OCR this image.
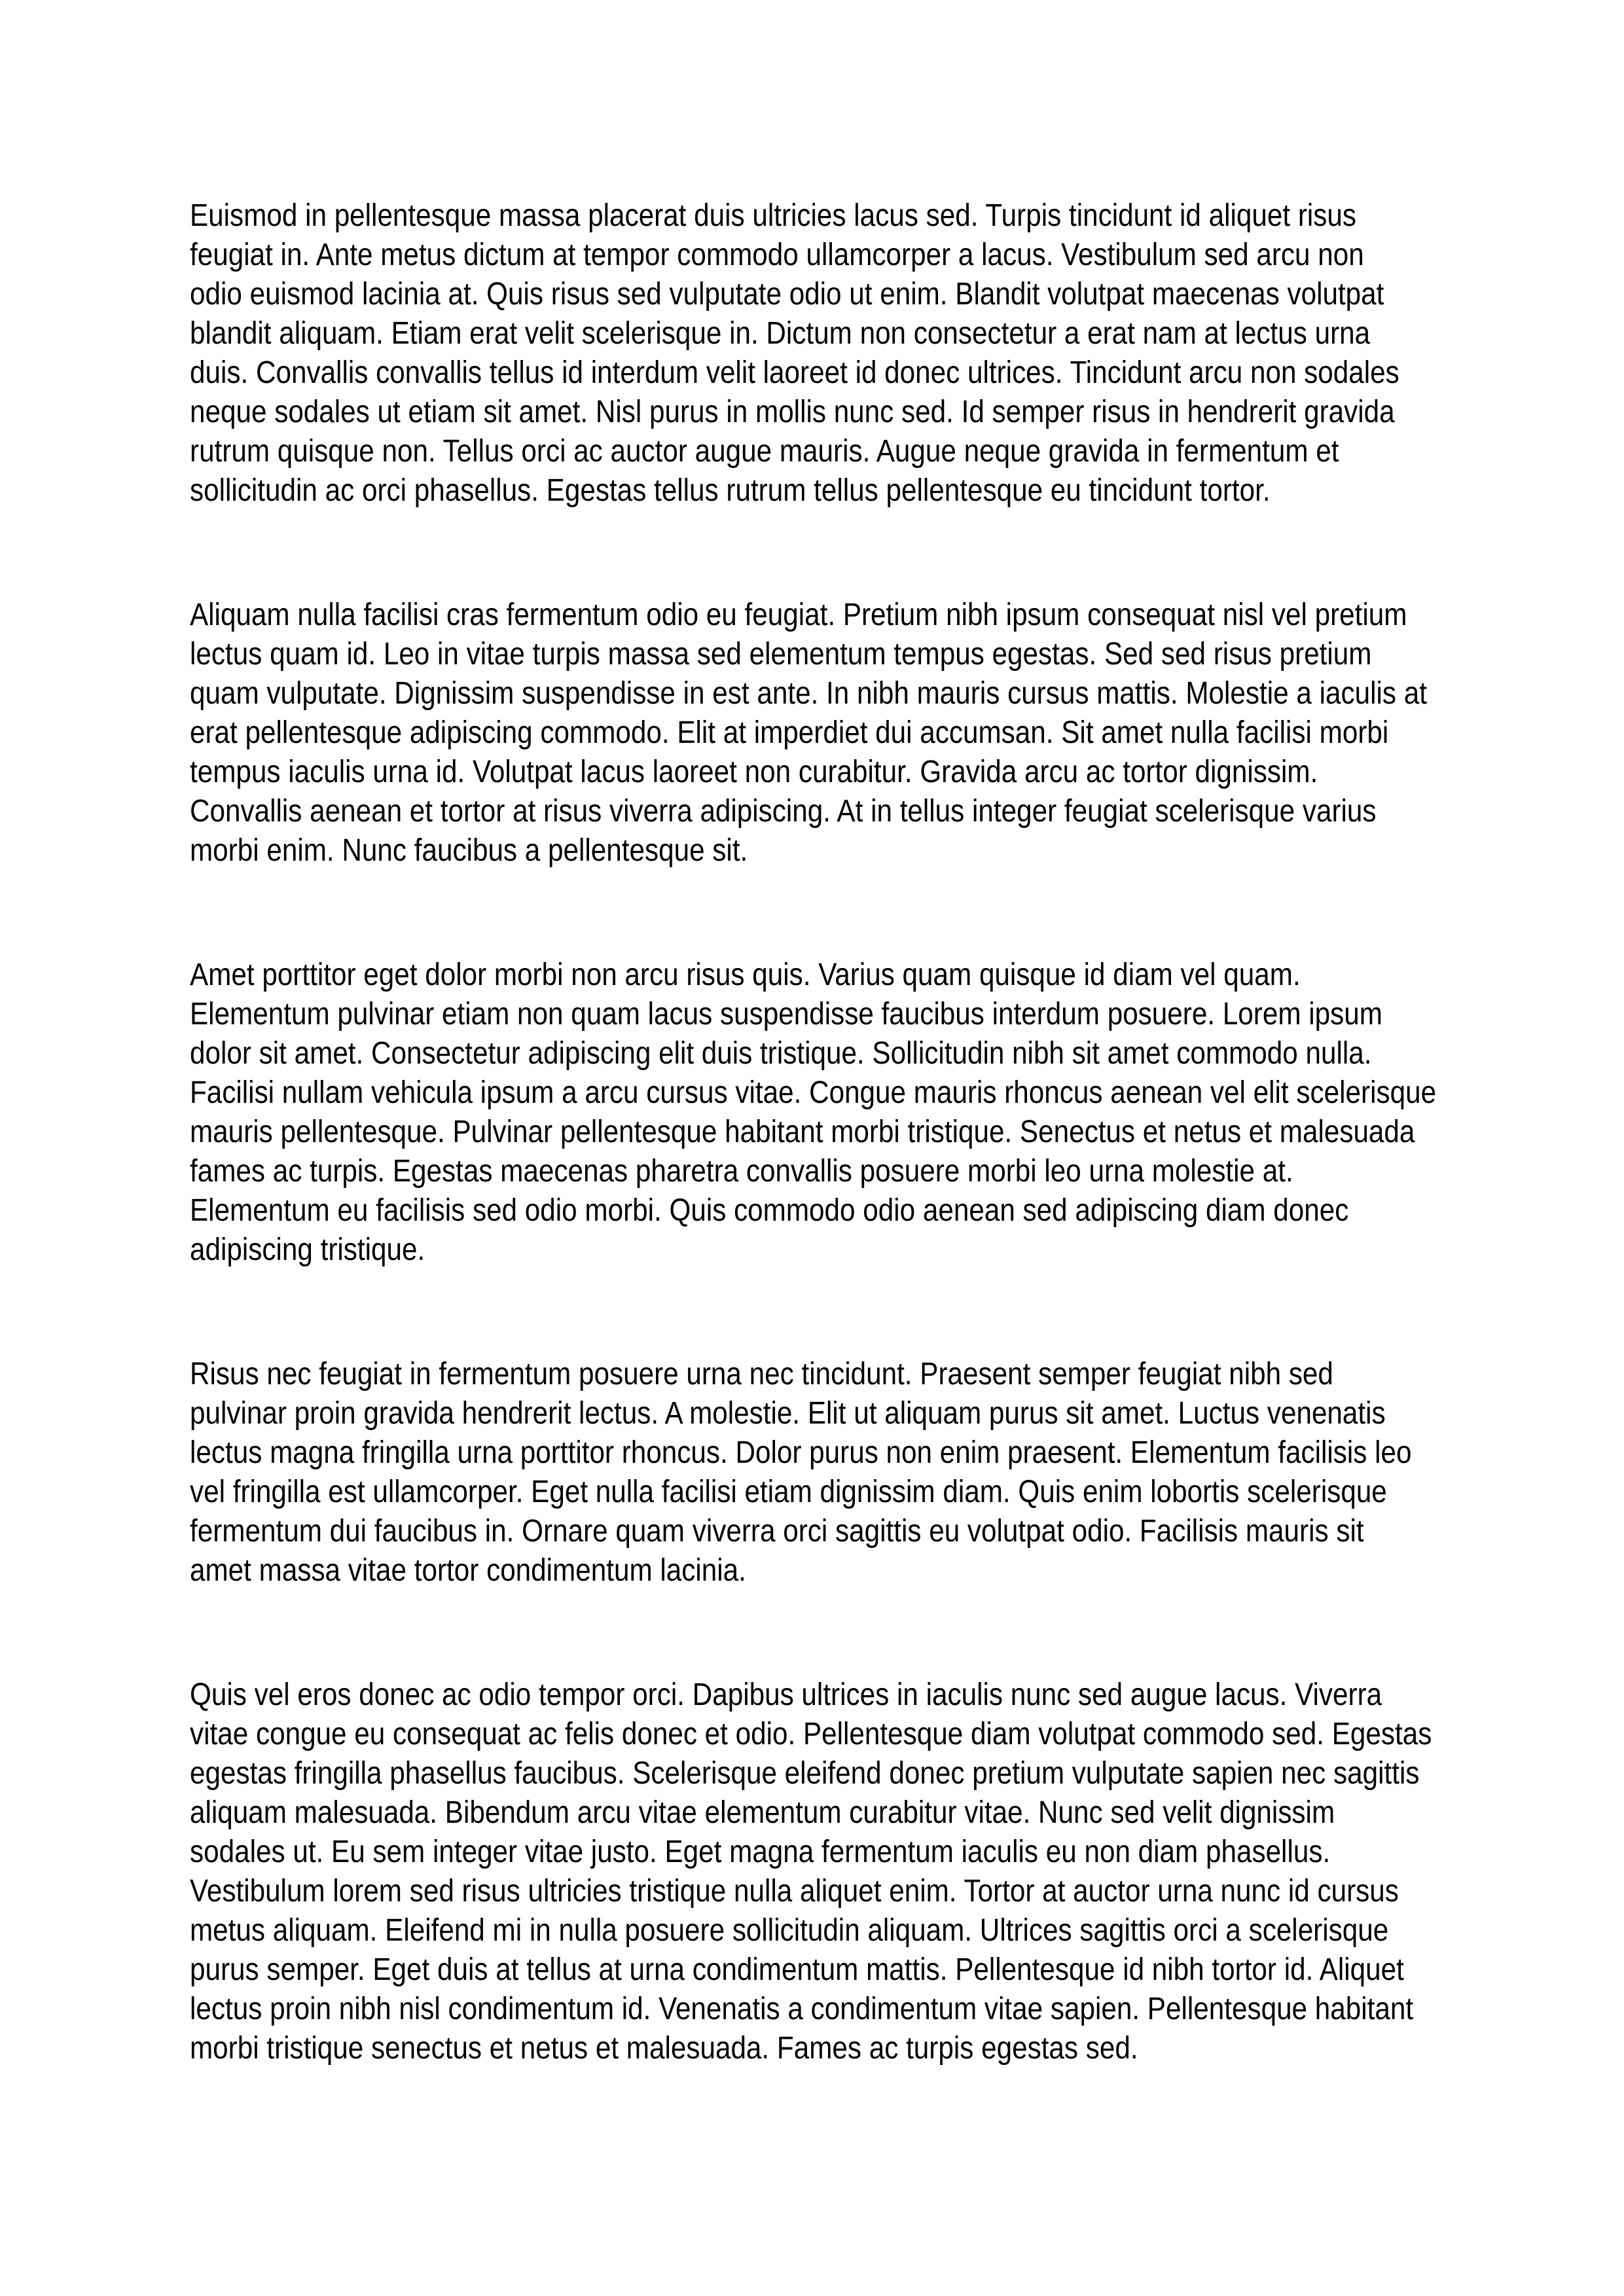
Euismod in pellentesque massa placerat duis ultricies lacus sed. Turpis tincidunt id aliquet risus
feugiat in. Ante metus dictum at tempor commodo ullamcorper a lacus. Vestibulum sed arcu non
odio euismod lacinia at. Quis risus sed vulputate odio ut enim. Blandit volutpat maecenas volutpat
blandit aliquam. Etiam erat velit scelerisque in. Dictum non consectetur a erat nam at lectus urna
duis. Convallis convallis tellus id interdum velit laoreet id donec ultrices. Tincidunt arcu non sodales
neque sodales ut etiam sit amet. Nisl purus in mollis nunc sed. Id semper risus in hendrerit gravida
rutrum quisque non. Tellus orci ac auctor augue mauris. Augue neque gravida in fermentum et
sollicitudin ac orci phasellus. Egestas tellus rutrum tellus pellentesque eu tincidunt tortor.

Aliquam nulla facilisi cras fermentum odio eu feugiat. Pretium nibh ipsum consequat nisl vel pretium
lectus quam id. Leo in vitae turpis massa sed elementum tempus egestas. Sed sed risus pretium
quam vulputate. Dignissim suspendisse in est ante. In nibh mauris cursus mattis. Molestie a iaculis at
erat pellentesque adipiscing commodo. Elit at imperdiet dui accumsan. Sit amet nulla facilisi morbi
tempus iaculis urna id. Volutpat lacus laoreet non curabitur. Gravida arcu ac tortor dignissim.
Convallis aenean et tortor at risus viverra adipiscing. At in tellus integer feugiat scelerisque varius
morbi enim. Nunc faucibus a pellentesque sit.

Amet porttitor eget dolor morbi non arcu risus quis. Varius quam quisque id diam vel quam.
Elementum pulvinar etiam non quam lacus suspendisse faucibus interdum posuere. Lorem ipsum
dolor sit amet. Consectetur adipiscing elit duis tristique. Sollicitudin nibh sit amet commodo nulla.
Facilisi nullam vehicula ipsum a arcu cursus vitae. Congue mauris rhoncus aenean vel elit scelerisque
mauris pellentesque. Pulvinar pellentesque habitant morbi tristique. Senectus et netus et malesuada
fames ac turpis. Egestas maecenas pharetra convallis posuere morbi leo urna molestie at.
Elementum eu facilisis sed odio morbi. Quis commodo odio aenean sed adipiscing diam donec
adipiscing tristique.

Risus nec feugiat in fermentum posuere urna nec tincidunt. Praesent semper feugiat nibh sed
pulvinar proin gravida hendrerit lectus. A molestie. Elit ut aliquam purus sit amet. Luctus venenatis
lectus magna fringilla urna porttitor rhoncus. Dolor purus non enim praesent. Elementum facilisis leo
vel fringilla est ullamcorper. Eget nulla facilisi etiam dignissim diam. Quis enim lobortis scelerisque
fermentum dui faucibus in. Ornare quam viverra orci sagittis eu volutpat odio. Facilisis mauris sit
amet massa vitae tortor condimentum lacinia.

Quis vel eros donec ac odio tempor orci. Dapibus ultrices in iaculis nunc sed augue lacus. Viverra
vitae congue eu consequat ac felis donec et odio. Pellentesque diam volutpat commodo sed. Egestas
egestas fringilla phasellus faucibus. Scelerisque eleifend donec pretium vulputate sapien nec sagittis
aliquam malesuada. Bibendum arcu vitae elementum curabitur vitae. Nunc sed velit dignissim
sodales ut. Eu sem integer vitae justo. Eget magna fermentum iaculis eu non diam phasellus.
Vestibulum lorem sed risus ultricies tristique nulla aliquet enim. Tortor at auctor urna nunc id cursus
metus aliquam. Eleifend mi in nulla posuere sollicitudin aliquam. Ultrices sagittis orci a scelerisque
purus semper. Eget duis at tellus at urna condimentum mattis. Pellentesque id nibh tortor id. Aliquet
lectus proin nibh nisl condimentum id. Venenatis a condimentum vitae sapien. Pellentesque habitant
morbi tristique senectus et netus et malesuada. Fames ac turpis egestas sed.
